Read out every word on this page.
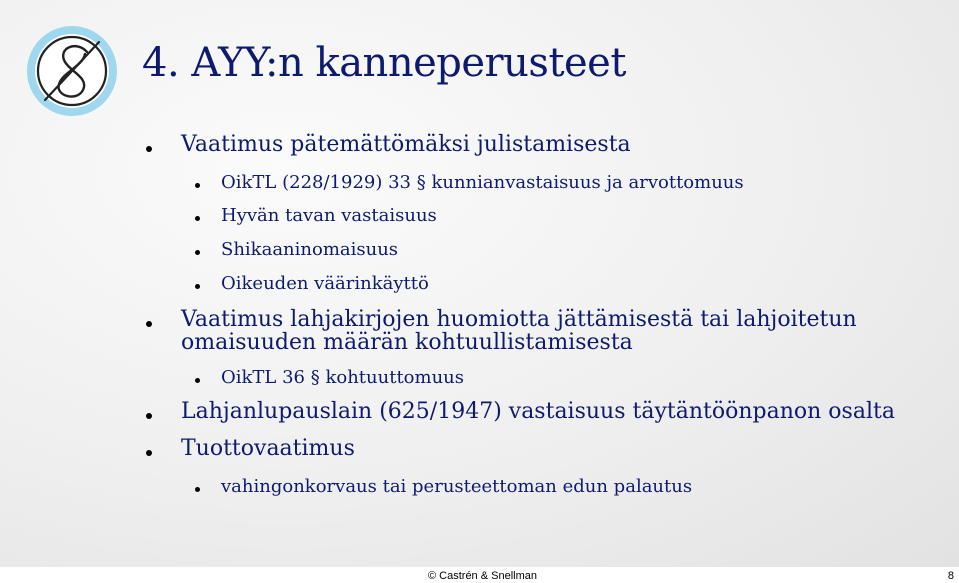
4. AYY:n kanneperusteet
Vaatimus pätemättömäksi julistamisesta
OikTL (228/1929) 33 § kunnianvastaisuus ja arvottomuus
Hyvän tavan vastaisuus
Shikaaninomaisuus
Oikeuden väärinkäyttö
Vaatimus lahjakirjojen huomiotta jättämisestä tai lahjoitetun
omaisuuden määrän kohtuullistamisesta
OikTL 36 § kohtuuttomuus
Lahjanlupauslain (625/1947) vastaisuus täytäntöönpanon osalta
Tuottovaatimus
vahingonkorvaus tai perusteettoman edun palautus
© Castrén & Snellman	8
